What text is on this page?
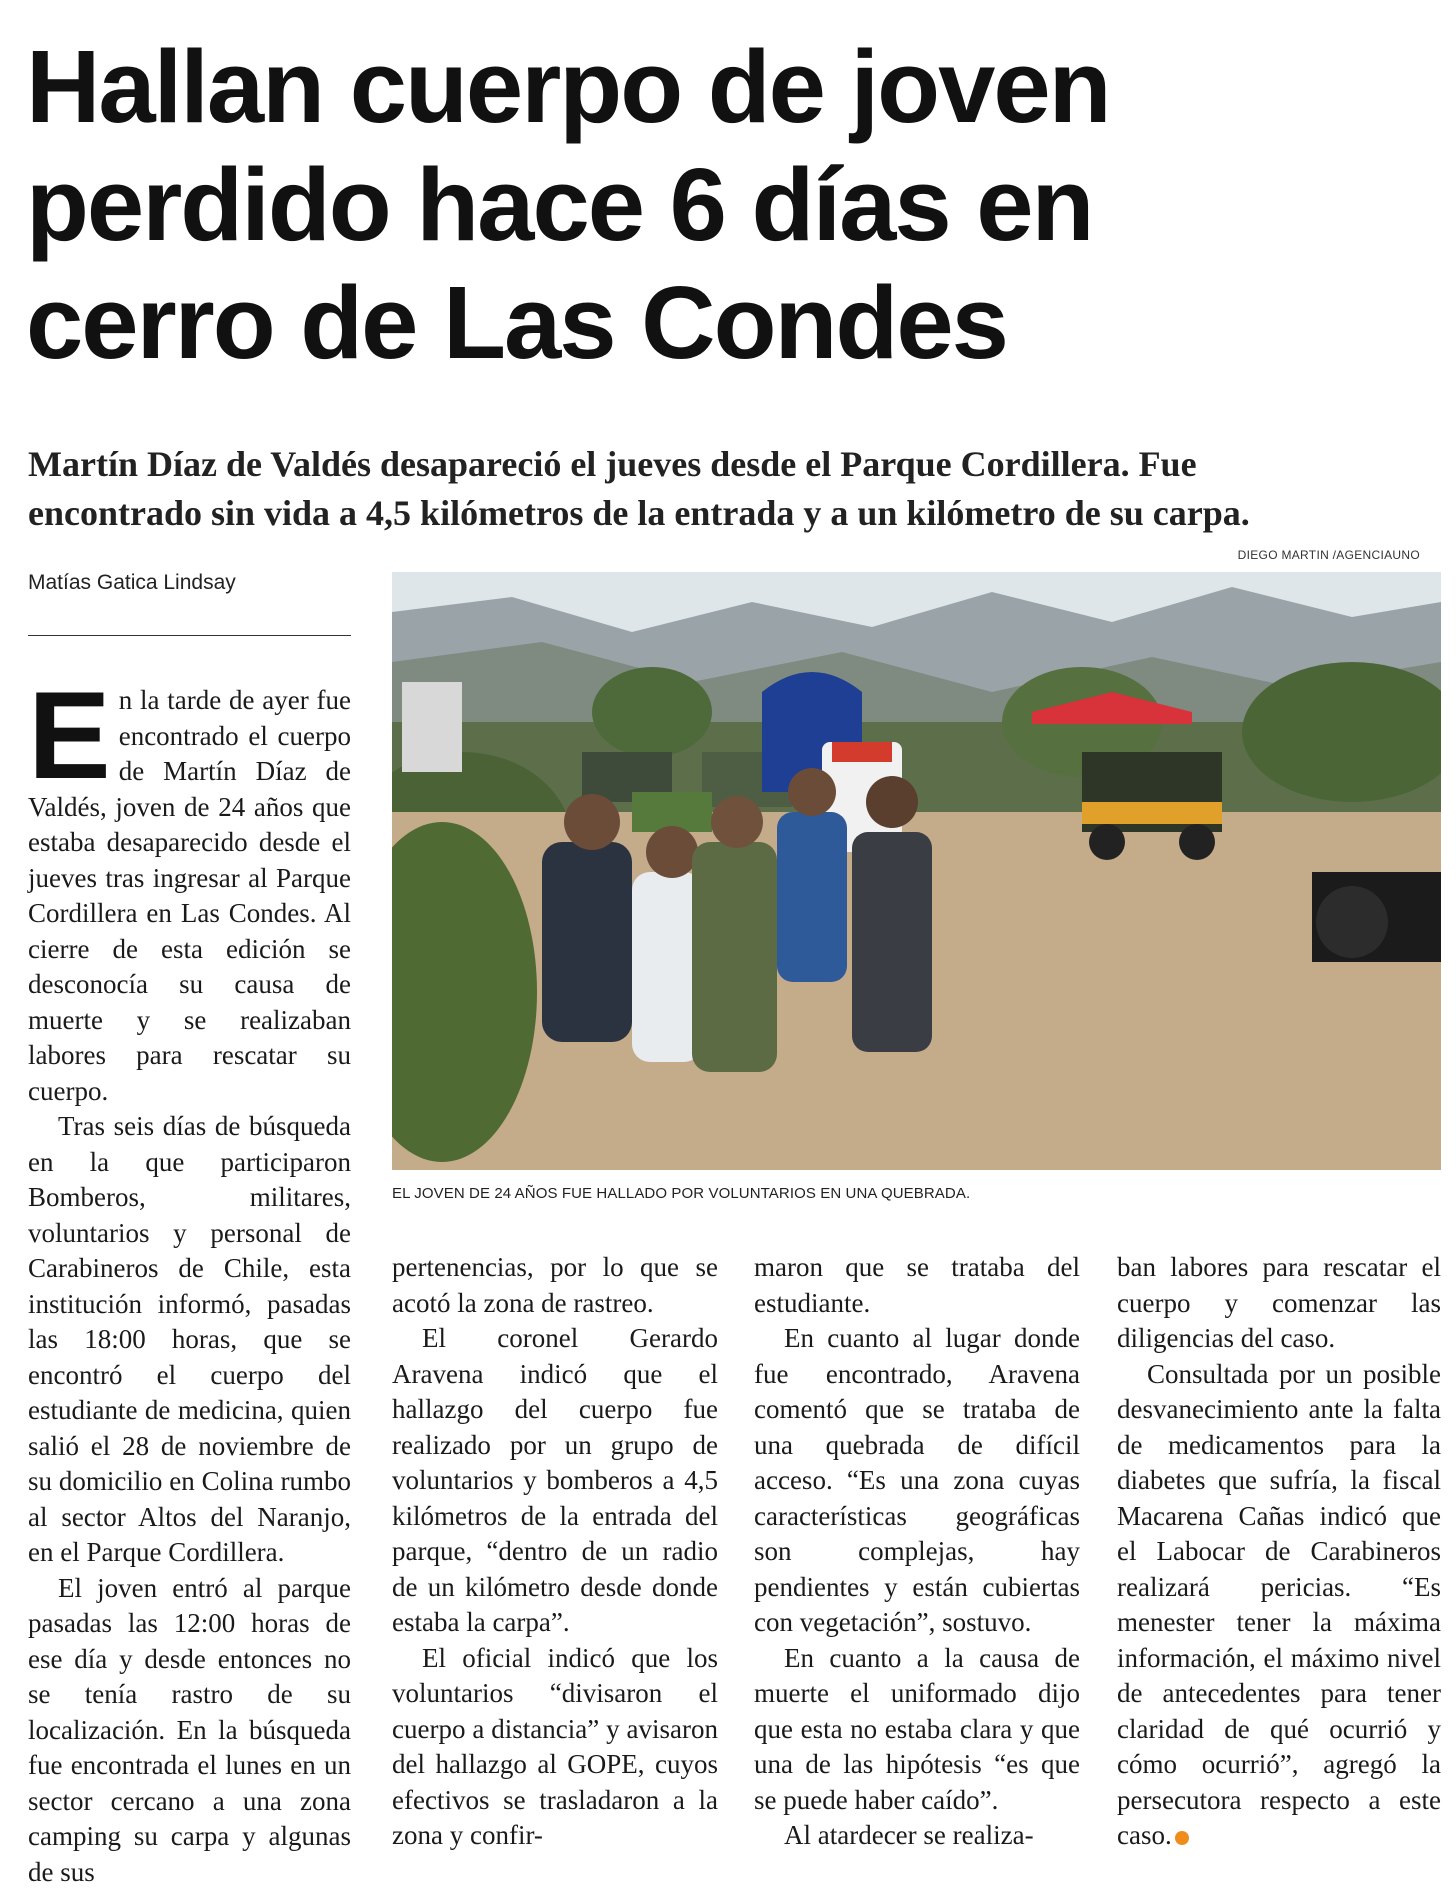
Hallan cuerpo de joven
perdido hace 6 días en
cerro de Las Condes
Martín Díaz de Valdés desapareció el jueves desde el Parque Cordillera. Fue
encontrado sin vida a 4,5 kilómetros de la entrada y a un kilómetro de su carpa.

Matías Gatica Lindsay

DIEGO MARTIN /AGENCIAUNO

EL JOVEN DE 24 AÑOS FUE HALLADO POR VOLUNTARIOS EN UNA QUEBRADA.

En la tarde de ayer fue encontrado el cuerpo de Martín Díaz de Valdés, joven de 24 años que estaba desaparecido desde el jueves tras ingresar al Parque Cordillera en Las Condes. Al cierre de esta edición se desconocía su causa de muerte y se realizaban labores para rescatar su cuerpo.

Tras seis días de búsqueda en la que participaron Bomberos, militares, voluntarios y personal de Carabineros de Chile, esta institución informó, pasadas las 18:00 horas, que se encontró el cuerpo del estudiante de medicina, quien salió el 28 de noviembre de su domicilio en Colina rumbo al sector Altos del Naranjo, en el Parque Cordillera.

El joven entró al parque pasadas las 12:00 horas de ese día y desde entonces no se tenía rastro de su localización. En la búsqueda fue encontrada el lunes en un sector cercano a una zona camping su carpa y algunas de sus

pertenencias, por lo que se acotó la zona de rastreo.

El coronel Gerardo Aravena indicó que el hallazgo del cuerpo fue realizado por un grupo de voluntarios y bomberos a 4,5 kilómetros de la entrada del parque, “dentro de un radio de un kilómetro desde donde estaba la carpa”.

El oficial indicó que los voluntarios “divisaron el cuerpo a distancia” y avisaron del hallazgo al GOPE, cuyos efectivos se trasladaron a la zona y confir-

maron que se trataba del estudiante.

En cuanto al lugar donde fue encontrado, Aravena comentó que se trataba de una quebrada de difícil acceso. “Es una zona cuyas características geográficas son complejas, hay pendientes y están cubiertas con vegetación”, sostuvo.

En cuanto a la causa de muerte el uniformado dijo que esta no estaba clara y que una de las hipótesis “es que se puede haber caído”.

Al atardecer se realiza-

ban labores para rescatar el cuerpo y comenzar las diligencias del caso.

Consultada por un posible desvanecimiento ante la falta de medicamentos para la diabetes que sufría, la fiscal Macarena Cañas indicó que el Labocar de Carabineros realizará pericias. “Es menester tener la máxima información, el máximo nivel de antecedentes para tener claridad de qué ocurrió y cómo ocurrió”, agregó la persecutora respecto a este caso.
